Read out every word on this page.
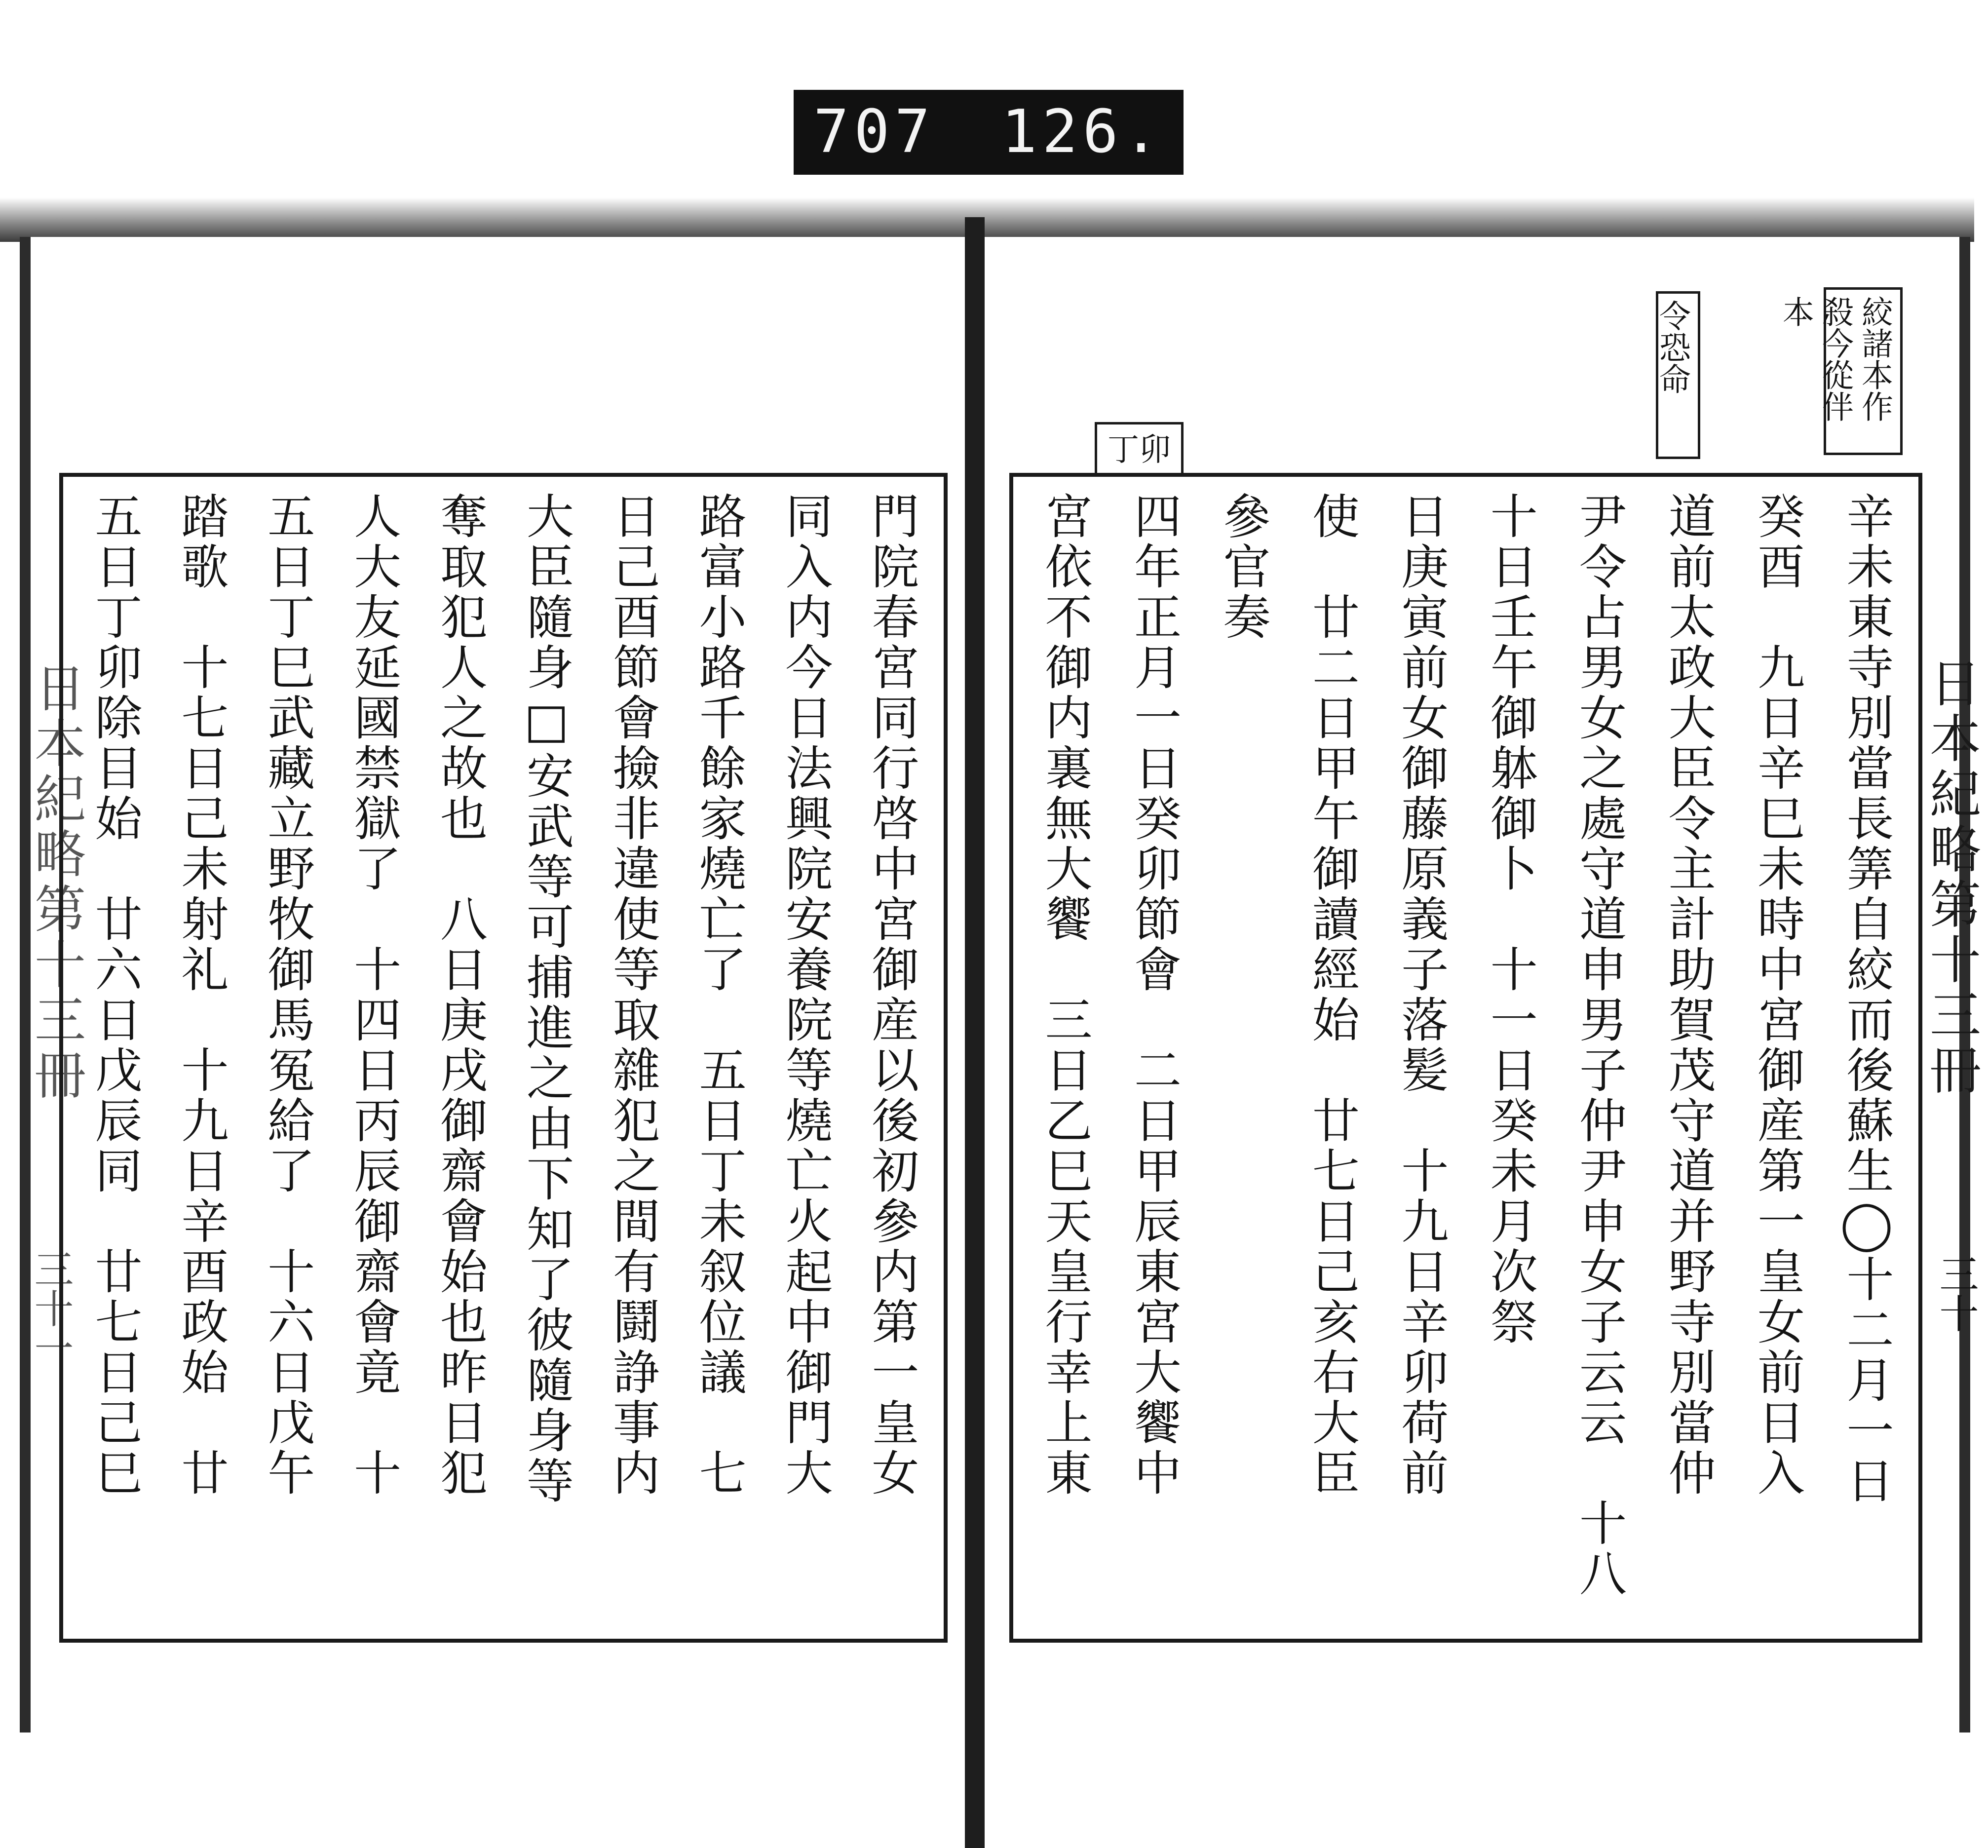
707 126.
絞諸本作殺今從伴本
令恐命
丁卯
日本紀略第十三冊
三十
日本紀略第十三冊
三十一	辛未東寺別當長筭自絞而後蘇生◯十二月一日
癸酉　九日辛巳未時中宮御産第一皇女前日入
道前太政大臣令主計助賀茂守道并野寺別當仲
尹令占男女之處守道申男子仲尹申女子云云　十八
十日壬午御躰御卜　十一日癸未月次祭
日庚寅前女御藤原義子落髪　十九日辛卯荷前
使　廿二日甲午御讀經始　廿七日己亥右大臣
參官奏
四年正月一日癸卯節會　二日甲辰東宮大饗中
宮依不御内裏無大饗　三日乙巳天皇行幸上東
門院春宮同行啓中宮御産以後初參内第一皇女
同入内今日法興院安養院等燒亡火起中御門大
路富小路千餘家燒亡了　五日丁未叙位議　七
日己酉節會撿非違使等取雜犯之間有鬪諍事内
大臣隨身□安武等可捕進之由下知了彼隨身等
奪取犯人之故也　八日庚戌御齋會始也昨日犯
人大友延國禁獄了　十四日丙辰御齋會竟　十
五日丁巳武藏立野牧御馬冤給了　十六日戊午
踏歌　十七日己未射礼　十九日辛酉政始　廿
五日丁卯除目始　廿六日戊辰同　廿七日己巳
